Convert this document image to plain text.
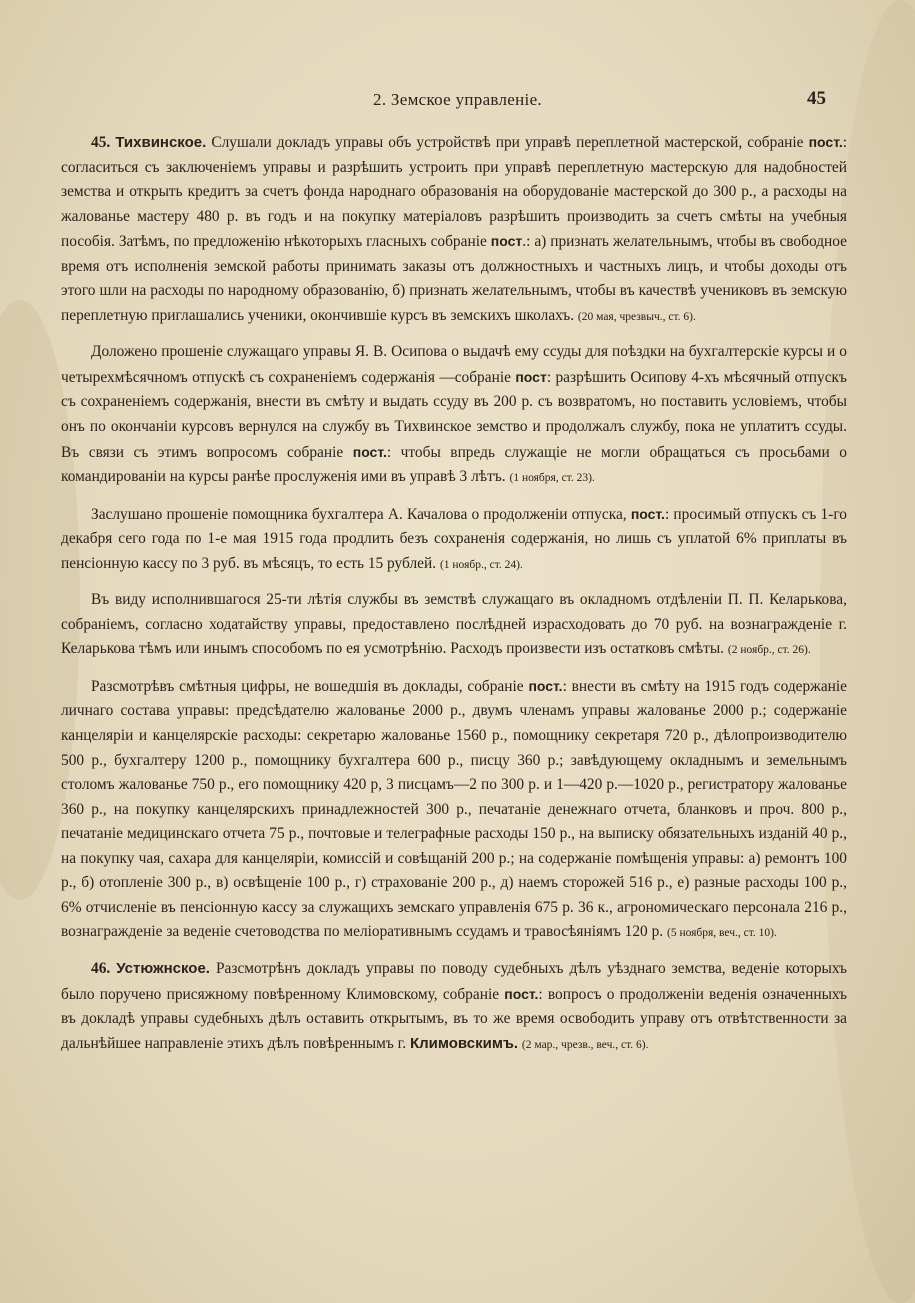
2. Земское управленіе.	45

45. Тихвинское. Слушали докладъ управы объ устройствѣ при управѣ переплетной мастерской, собраніе пост.: согласиться съ заключеніемъ управы и разрѣшить устроить при управѣ переплетную мастерскую для надобностей земства и открыть кредитъ за счетъ фонда народнаго образованія на оборудованіе мастерской до 300 р., а расходы на жалованье мастеру 480 р. въ годъ и на покупку матеріаловъ разрѣшить производить за счетъ смѣты на учебныя пособія. Затѣмъ, по предложенію нѣкоторыхъ гласныхъ собраніе пост.: а) признать желательнымъ, чтобы въ свободное время отъ исполненія земской работы принимать заказы отъ должностныхъ и частныхъ лицъ, и чтобы доходы отъ этого шли на расходы по народному образованію, б) признать желательнымъ, чтобы въ качествѣ учениковъ въ земскую переплетную приглашались ученики, окончившіе курсъ въ земскихъ школахъ. (20 мая, чрезвыч., ст. 6).

Доложено прошеніе служащаго управы Я. В. Осипова о выдачѣ ему ссуды для поѣздки на бухгалтерскіе курсы и о четырехмѣсячномъ отпускѣ съ сохраненіемъ содержанія —собраніе пост: разрѣшить Осипову 4-хъ мѣсячный отпускъ съ сохраненіемъ содержанія, внести въ смѣту и выдать ссуду въ 200 р. съ возвратомъ, но поставить условіемъ, чтобы онъ по окончаніи курсовъ вернулся на службу въ Тихвинское земство и продолжалъ службу, пока не уплатитъ ссуды. Въ связи съ этимъ вопросомъ собраніе пост.: чтобы впредь служащіе не могли обращаться съ просьбами о командированіи на курсы ранѣе прослуженія ими въ управѣ 3 лѣтъ. (1 ноября, ст. 23).

Заслушано прошеніе помощника бухгалтера А. Качалова о продолженіи отпуска, пост.: просимый отпускъ съ 1-го декабря сего года по 1-е мая 1915 года продлить безъ сохраненія содержанія, но лишь съ уплатой 6% приплаты въ пенсіонную кассу по 3 руб. въ мѣсяцъ, то есть 15 рублей. (1 ноябр., ст. 24).

Въ виду исполнившагося 25-ти лѣтія службы въ земствѣ служащаго въ окладномъ отдѣленіи П. П. Келарькова, собраніемъ, согласно ходатайству управы, предоставлено послѣдней израсходовать до 70 руб. на вознагражденіе г. Келарькова тѣмъ или инымъ способомъ по ея усмотрѣнію. Расходъ произвести изъ остатковъ смѣты. (2 ноябр., ст. 26).

Разсмотрѣвъ смѣтныя цифры, не вошедшія въ доклады, собраніе пост.: внести въ смѣту на 1915 годъ содержаніе личнаго состава управы: предсѣдателю жалованье 2000 р., двумъ членамъ управы жалованье 2000 р.; содержаніе канцеляріи и канцелярскіе расходы: секретарю жалованье 1560 р., помощнику секретаря 720 р., дѣлопроизводителю 500 р., бухгалтеру 1200 р., помощнику бухгалтера 600 р., писцу 360 р.; завѣдующему окладнымъ и земельнымъ столомъ жалованье 750 р., его помощнику 420 р, 3 писцамъ—2 по 300 р. и 1—420 р.—1020 р., регистратору жалованье 360 р., на покупку канцелярскихъ принадлежностей 300 р., печатаніе денежнаго отчета, бланковъ и проч. 800 р., печатаніе медицинскаго отчета 75 р., почтовые и телеграфные расходы 150 р., на выписку обязательныхъ изданій 40 р., на покупку чая, сахара для канцеляріи, комиссій и совѣщаній 200 р.; на содержаніе помѣщенія управы: а) ремонтъ 100 р., б) отопленіе 300 р., в) освѣщеніе 100 р., г) страхованіе 200 р., д) наемъ сторожей 516 р., е) разные расходы 100 р., 6% отчисленіе въ пенсіонную кассу за служащихъ земскаго управленія 675 р. 36 к., агрономическаго персонала 216 р., вознагражденіе за веденіе счетоводства по меліоративнымъ ссудамъ и травосѣяніямъ 120 р. (5 ноября, веч., ст. 10).

46. Устюжнское. Разсмотрѣнъ докладъ управы по поводу судебныхъ дѣлъ уѣзднаго земства, веденіе которыхъ было поручено присяжному повѣренному Климовскому, собраніе пост.: вопросъ о продолженіи веденія означенныхъ въ докладѣ управы судебныхъ дѣлъ оставить открытымъ, въ то же время освободить управу отъ отвѣтственности за дальнѣйшее направленіе этихъ дѣлъ повѣреннымъ г. Климовскимъ. (2 мар., чрезв., веч., ст. 6).
